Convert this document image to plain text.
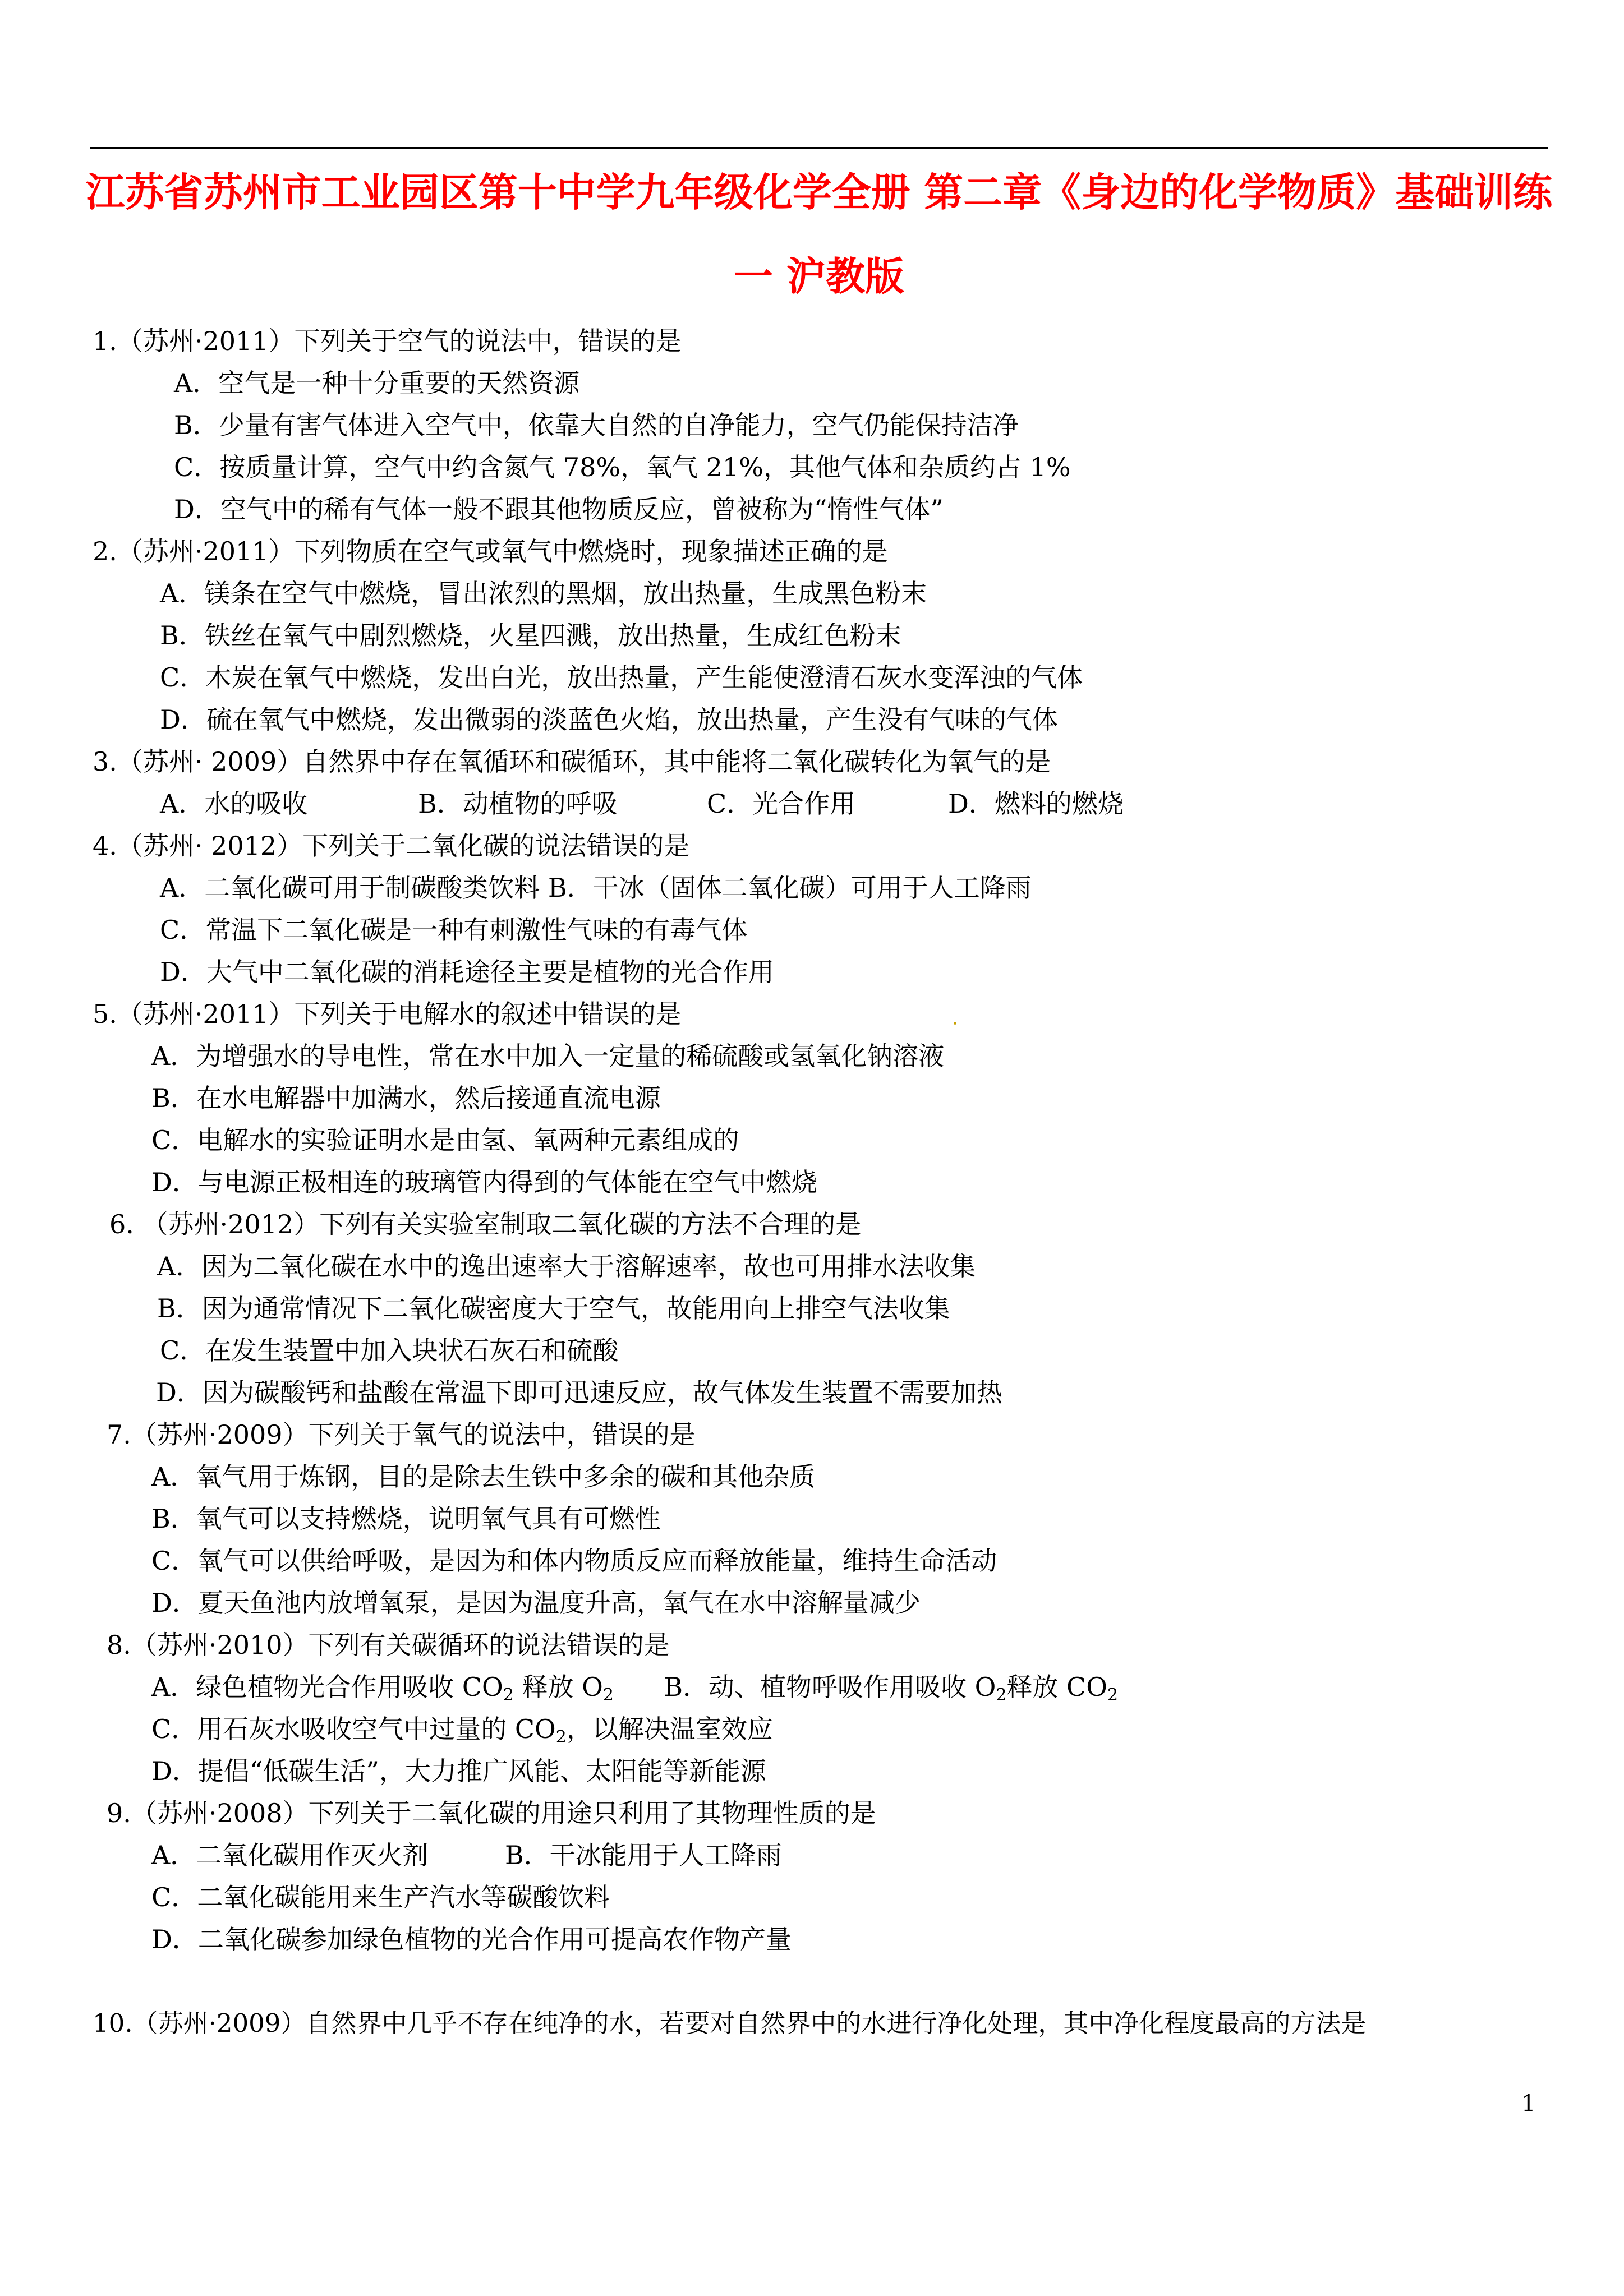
江苏省苏州市工业园区第十中学九年级化学全册 第二章《身边的化学物质》基础训练
一 沪教版
1.（苏州·2011）下列关于空气的说法中，错误的是
A．空气是一种十分重要的天然资源
B．少量有害气体进入空气中，依靠大自然的自净能力，空气仍能保持洁净
C．按质量计算，空气中约含氮气 78%，氧气 21%，其他气体和杂质约占 1%
D．空气中的稀有气体一般不跟其他物质反应，曾被称为“惰性气体”
2.（苏州·2011）下列物质在空气或氧气中燃烧时，现象描述正确的是
A．镁条在空气中燃烧，冒出浓烈的黑烟，放出热量，生成黑色粉末
B．铁丝在氧气中剧烈燃烧，火星四溅，放出热量，生成红色粉末
C．木炭在氧气中燃烧，发出白光，放出热量，产生能使澄清石灰水变浑浊的气体
D．硫在氧气中燃烧，发出微弱的淡蓝色火焰，放出热量，产生没有气味的气体
3.（苏州· 2009）自然界中存在氧循环和碳循环，其中能将二氧化碳转化为氧气的是
A．水的吸收	B．动植物的呼吸	C．光合作用	D．燃料的燃烧
4.（苏州· 2012）下列关于二氧化碳的说法错误的是
A．二氧化碳可用于制碳酸类饮料 B．干冰（固体二氧化碳）可用于人工降雨
C．常温下二氧化碳是一种有刺激性气味的有毒气体
D．大气中二氧化碳的消耗途径主要是植物的光合作用
5.（苏州·2011）下列关于电解水的叙述中错误的是
A．为增强水的导电性，常在水中加入一定量的稀硫酸或氢氧化钠溶液
B．在水电解器中加满水，然后接通直流电源
C．电解水的实验证明水是由氢、氧两种元素组成的
D．与电源正极相连的玻璃管内得到的气体能在空气中燃烧
6. （苏州·2012）下列有关实验室制取二氧化碳的方法不合理的是
A．因为二氧化碳在水中的逸出速率大于溶解速率，故也可用排水法收集
B．因为通常情况下二氧化碳密度大于空气，故能用向上排空气法收集
C．在发生装置中加入块状石灰石和硫酸
D．因为碳酸钙和盐酸在常温下即可迅速反应，故气体发生装置不需要加热
7.（苏州·2009）下列关于氧气的说法中，错误的是
A．氧气用于炼钢，目的是除去生铁中多余的碳和其他杂质
B．氧气可以支持燃烧，说明氧气具有可燃性
C．氧气可以供给呼吸，是因为和体内物质反应而释放能量，维持生命活动
D．夏天鱼池内放增氧泵，是因为温度升高，氧气在水中溶解量减少
8.（苏州·2010）下列有关碳循环的说法错误的是
A．绿色植物光合作用吸收 $CO_2$ 释放 $O_2$ B．动、植物呼吸作用吸收 $O_2$释放 $CO_2$
C．用石灰水吸收空气中过量的 $CO_2$，以解决温室效应
D．提倡“低碳生活”，大力推广风能、太阳能等新能源
9.（苏州·2008）下列关于二氧化碳的用途只利用了其物理性质的是
A．二氧化碳用作灭火剂	B．干冰能用于人工降雨
C．二氧化碳能用来生产汽水等碳酸饮料
D．二氧化碳参加绿色植物的光合作用可提高农作物产量
10.（苏州·2009）自然界中几乎不存在纯净的水，若要对自然界中的水进行净化处理，其中净化程度最高的方法是
1
